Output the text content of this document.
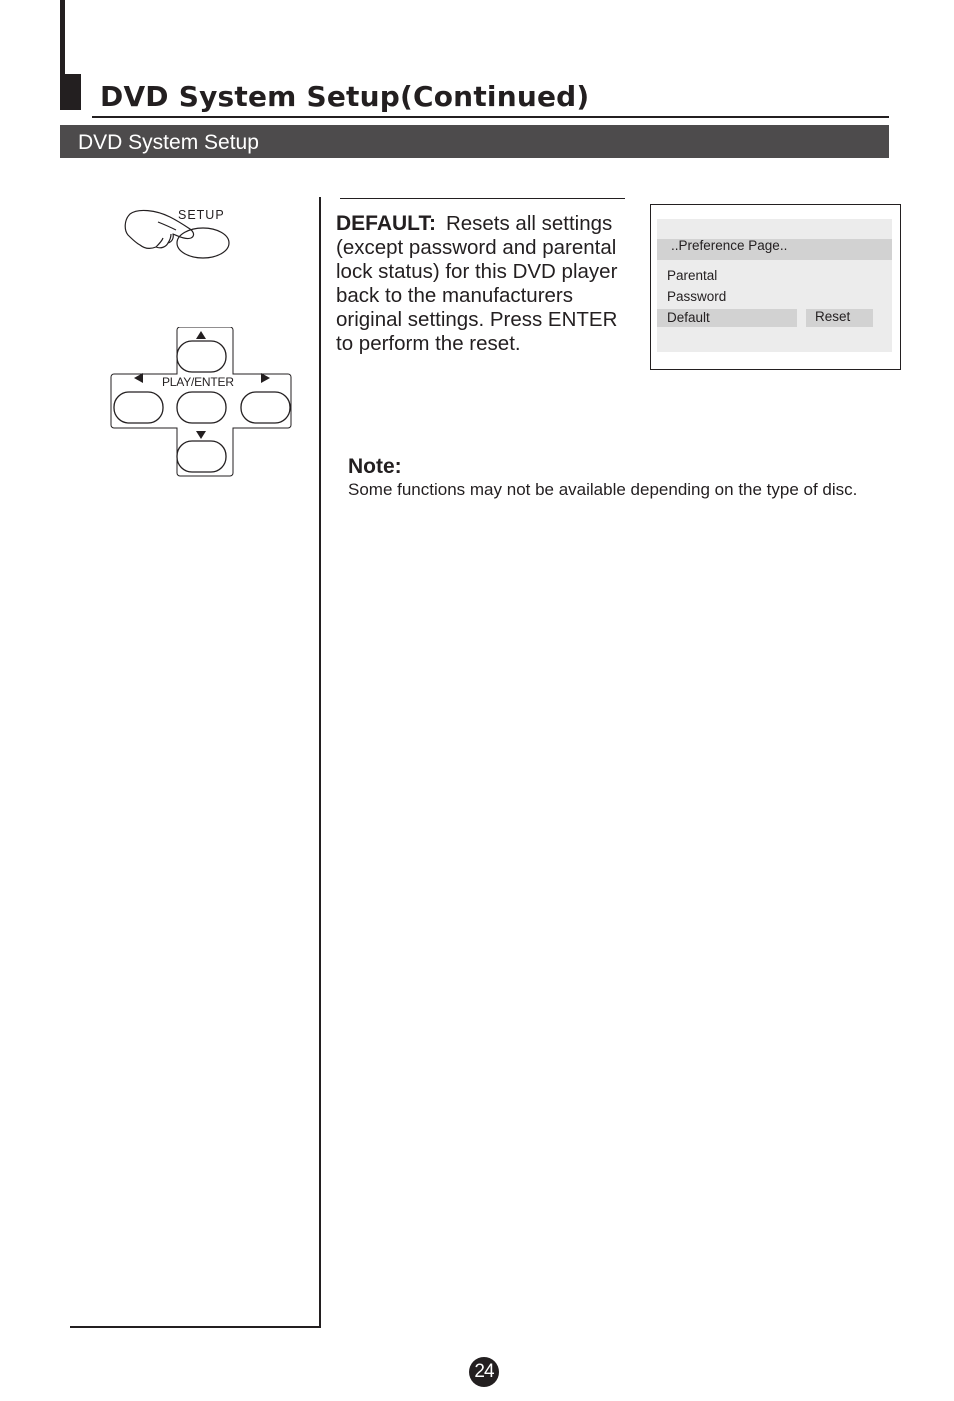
DVD System Setup(Continued)
DVD System Setup
SETUP
PLAY/ENTER
DEFAULT: Resets all settings (except password and parental lock status) for this DVD player back to the manufacturers original settings. Press ENTER to perform the reset.
..Preference Page..
Parental
Password
Default	Reset
Note:
Some functions may not be available depending on the type of disc.
24
